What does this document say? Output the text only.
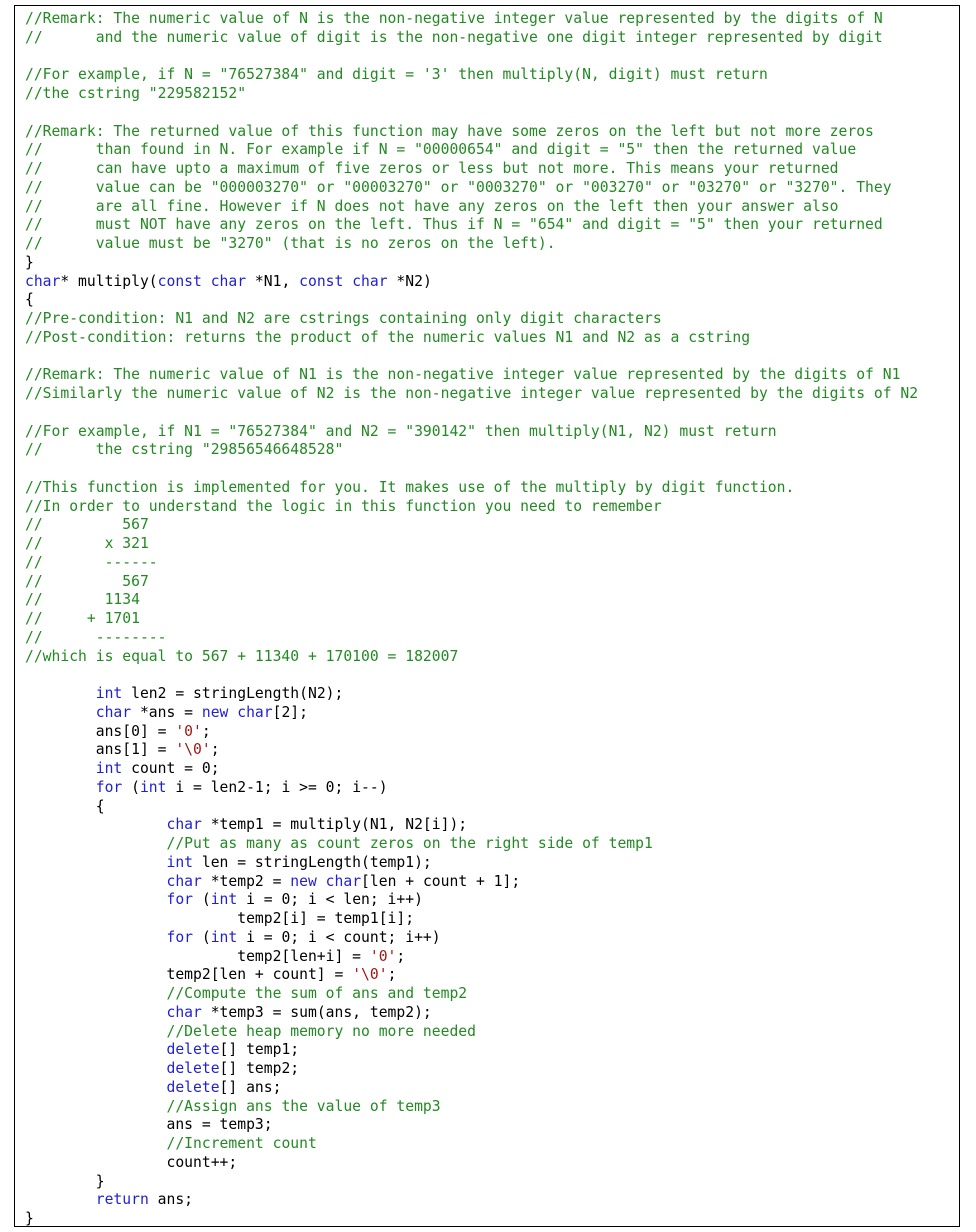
//Remark: The numeric value of N is the non-negative integer value represented by the digits of N
//      and the numeric value of digit is the non-negative one digit integer represented by digit

//For example, if N = "76527384" and digit = '3' then multiply(N, digit) must return
//the cstring "229582152"

//Remark: The returned value of this function may have some zeros on the left but not more zeros
//      than found in N. For example if N = "00000654" and digit = "5" then the returned value
//      can have upto a maximum of five zeros or less but not more. This means your returned
//      value can be "000003270" or "00003270" or "0003270" or "003270" or "03270" or "3270". They
//      are all fine. However if N does not have any zeros on the left then your answer also
//      must NOT have any zeros on the left. Thus if N = "654" and digit = "5" then your returned
//      value must be "3270" (that is no zeros on the left).
}
char* multiply(const char *N1, const char *N2)
{
//Pre-condition: N1 and N2 are cstrings containing only digit characters
//Post-condition: returns the product of the numeric values N1 and N2 as a cstring

//Remark: The numeric value of N1 is the non-negative integer value represented by the digits of N1
//Similarly the numeric value of N2 is the non-negative integer value represented by the digits of N2

//For example, if N1 = "76527384" and N2 = "390142" then multiply(N1, N2) must return
//      the cstring "29856546648528"

//This function is implemented for you. It makes use of the multiply by digit function.
//In order to understand the logic in this function you need to remember
//         567
//       x 321
//       ------
//         567
//       1134
//     + 1701
//      --------
//which is equal to 567 + 11340 + 170100 = 182007

int len2 = stringLength(N2);
char *ans = new char[2];
ans[0] = '0';
ans[1] = '\0';
int count = 0;
for (int i = len2-1; i >= 0; i--)
{
char *temp1 = multiply(N1, N2[i]);
//Put as many as count zeros on the right side of temp1
int len = stringLength(temp1);
char *temp2 = new char[len + count + 1];
for (int i = 0; i < len; i++)
temp2[i] = temp1[i];
for (int i = 0; i < count; i++)
temp2[len+i] = '0';
temp2[len + count] = '\0';
//Compute the sum of ans and temp2
char *temp3 = sum(ans, temp2);
//Delete heap memory no more needed
delete[] temp1;
delete[] temp2;
delete[] ans;
//Assign ans the value of temp3
ans = temp3;
//Increment count
count++;
}
return ans;
}
